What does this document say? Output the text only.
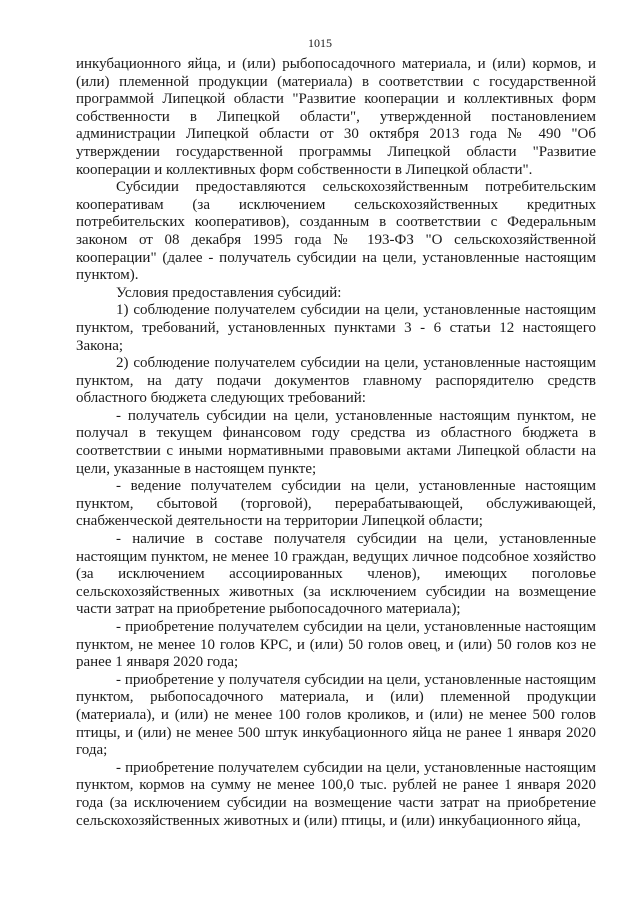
1015

инкубационного яйца, и (или) рыбопосадочного материала, и (или) кормов, и (или) племенной продукции (материала) в соответствии с государственной программой Липецкой области "Развитие кооперации и коллективных форм собственности в Липецкой области", утвержденной постановлением администрации Липецкой области от 30 октября 2013 года № 490 "Об утверждении государственной программы Липецкой области "Развитие кооперации и коллективных форм собственности в Липецкой области".

Субсидии предоставляются сельскохозяйственным потребительским кооперативам (за исключением сельскохозяйственных кредитных потребительских кооперативов), созданным в соответствии с Федеральным законом от 08 декабря 1995 года № 193-ФЗ "О сельскохозяйственной кооперации" (далее - получатель субсидии на цели, установленные настоящим пунктом).

Условия предоставления субсидий:

1) соблюдение получателем субсидии на цели, установленные настоящим пунктом, требований, установленных пунктами 3 - 6 статьи 12 настоящего Закона;

2) соблюдение получателем субсидии на цели, установленные настоящим пунктом, на дату подачи документов главному распорядителю средств областного бюджета следующих требований:

- получатель субсидии на цели, установленные настоящим пунктом, не получал в текущем финансовом году средства из областного бюджета в соответствии с иными нормативными правовыми актами Липецкой области на цели, указанные в настоящем пункте;

- ведение получателем субсидии на цели, установленные настоящим пунктом, сбытовой (торговой), перерабатывающей, обслуживающей, снабженческой деятельности на территории Липецкой области;

- наличие в составе получателя субсидии на цели, установленные настоящим пунктом, не менее 10 граждан, ведущих личное подсобное хозяйство (за исключением ассоциированных членов), имеющих поголовье сельскохозяйственных животных (за исключением субсидии на возмещение части затрат на приобретение рыбопосадочного материала);

- приобретение получателем субсидии на цели, установленные настоящим пунктом, не менее 10 голов КРС, и (или) 50 голов овец, и (или) 50 голов коз не ранее 1 января 2020 года;

- приобретение у получателя субсидии на цели, установленные настоящим пунктом, рыбопосадочного материала, и (или) племенной продукции (материала), и (или) не менее 100 голов кроликов, и (или) не менее 500 голов птицы, и (или) не менее 500 штук инкубационного яйца не ранее 1 января 2020 года;

- приобретение получателем субсидии на цели, установленные настоящим пунктом, кормов на сумму не менее 100,0 тыс. рублей не ранее 1 января 2020 года (за исключением субсидии на возмещение части затрат на приобретение сельскохозяйственных животных и (или) птицы, и (или) инкубационного яйца,
